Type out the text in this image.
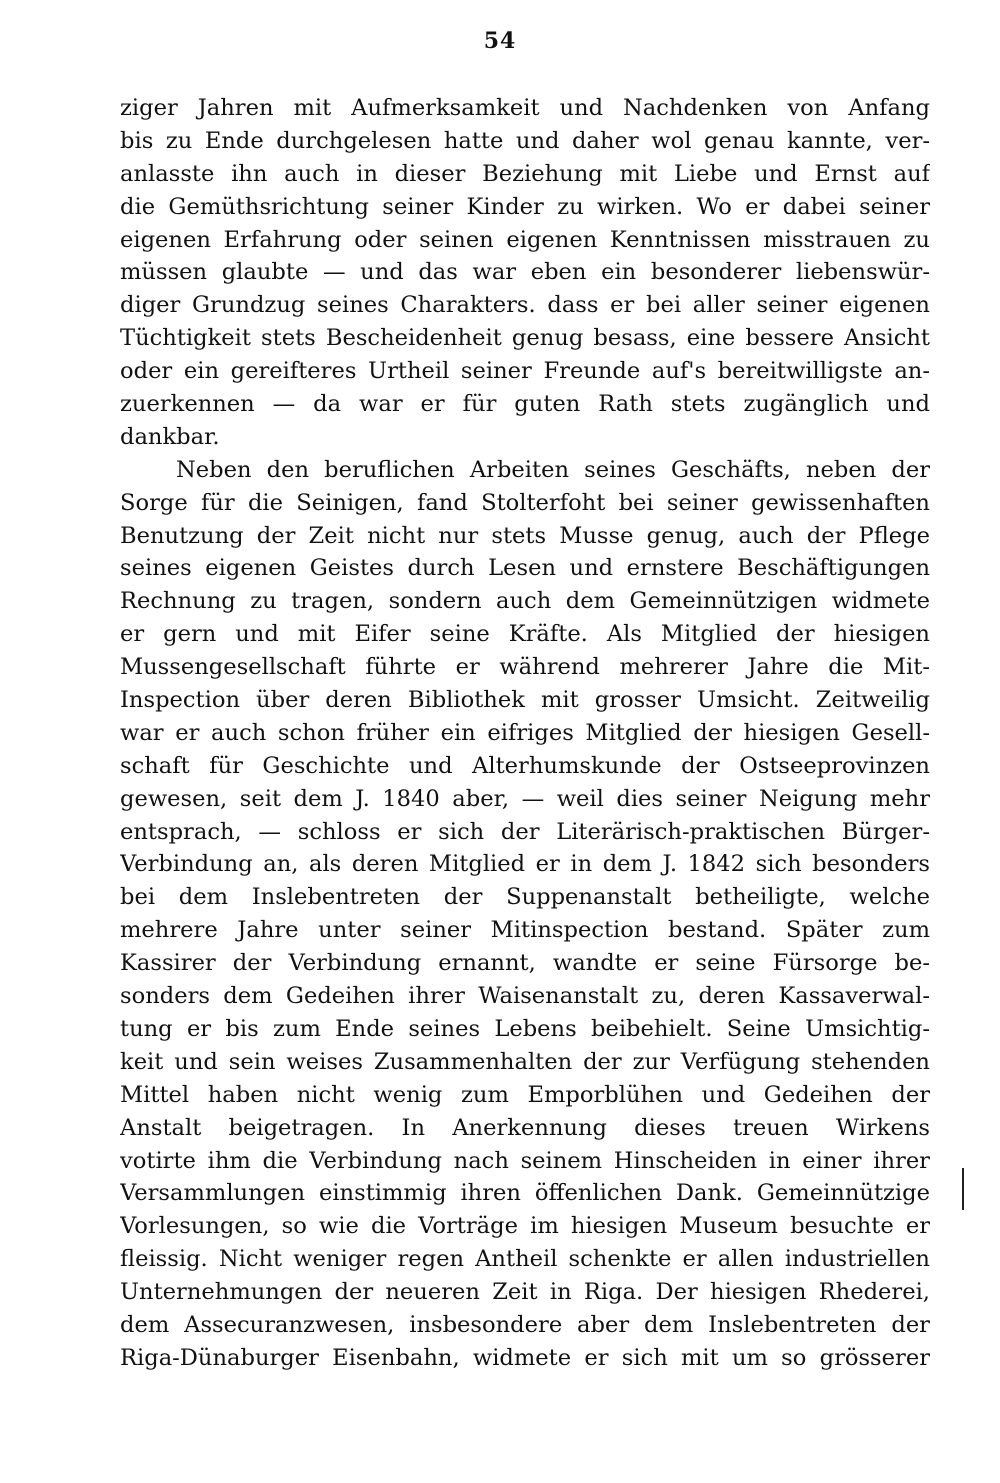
54
ziger Jahren mit Aufmerksamkeit und Nachdenken von Anfang
bis zu Ende durchgelesen hatte und daher wol genau kannte, ver-
anlasste ihn auch in dieser Beziehung mit Liebe und Ernst auf
die Gemüthsrichtung seiner Kinder zu wirken. Wo er dabei seiner
eigenen Erfahrung oder seinen eigenen Kenntnissen misstrauen zu
müssen glaubte — und das war eben ein besonderer liebenswür-
diger Grundzug seines Charakters. dass er bei aller seiner eigenen
Tüchtigkeit stets Bescheidenheit genug besass, eine bessere Ansicht
oder ein gereifteres Urtheil seiner Freunde auf's bereitwilligste an-
zuerkennen — da war er für guten Rath stets zugänglich und
dankbar.
Neben den beruflichen Arbeiten seines Geschäfts, neben der
Sorge für die Seinigen, fand Stolterfoht bei seiner gewissenhaften
Benutzung der Zeit nicht nur stets Musse genug, auch der Pflege
seines eigenen Geistes durch Lesen und ernstere Beschäftigungen
Rechnung zu tragen, sondern auch dem Gemeinnützigen widmete
er gern und mit Eifer seine Kräfte. Als Mitglied der hiesigen
Mussengesellschaft führte er während mehrerer Jahre die Mit-
Inspection über deren Bibliothek mit grosser Umsicht. Zeitweilig
war er auch schon früher ein eifriges Mitglied der hiesigen Gesell-
schaft für Geschichte und Alterhumskunde der Ostseeprovinzen
gewesen, seit dem J. 1840 aber, — weil dies seiner Neigung mehr
entsprach, — schloss er sich der Literärisch-praktischen Bürger-
Verbindung an, als deren Mitglied er in dem J. 1842 sich besonders
bei dem Inslebentreten der Suppenanstalt betheiligte, welche
mehrere Jahre unter seiner Mitinspection bestand. Später zum
Kassirer der Verbindung ernannt, wandte er seine Fürsorge be-
sonders dem Gedeihen ihrer Waisenanstalt zu, deren Kassaverwal-
tung er bis zum Ende seines Lebens beibehielt. Seine Umsichtig-
keit und sein weises Zusammenhalten der zur Verfügung stehenden
Mittel haben nicht wenig zum Emporblühen und Gedeihen der
Anstalt beigetragen. In Anerkennung dieses treuen Wirkens
votirte ihm die Verbindung nach seinem Hinscheiden in einer ihrer
Versammlungen einstimmig ihren öffenlichen Dank. Gemeinnützige
Vorlesungen, so wie die Vorträge im hiesigen Museum besuchte er
fleissig. Nicht weniger regen Antheil schenkte er allen industriellen
Unternehmungen der neueren Zeit in Riga. Der hiesigen Rhederei,
dem Assecuranzwesen, insbesondere aber dem Inslebentreten der
Riga-Dünaburger Eisenbahn, widmete er sich mit um so grösserer
